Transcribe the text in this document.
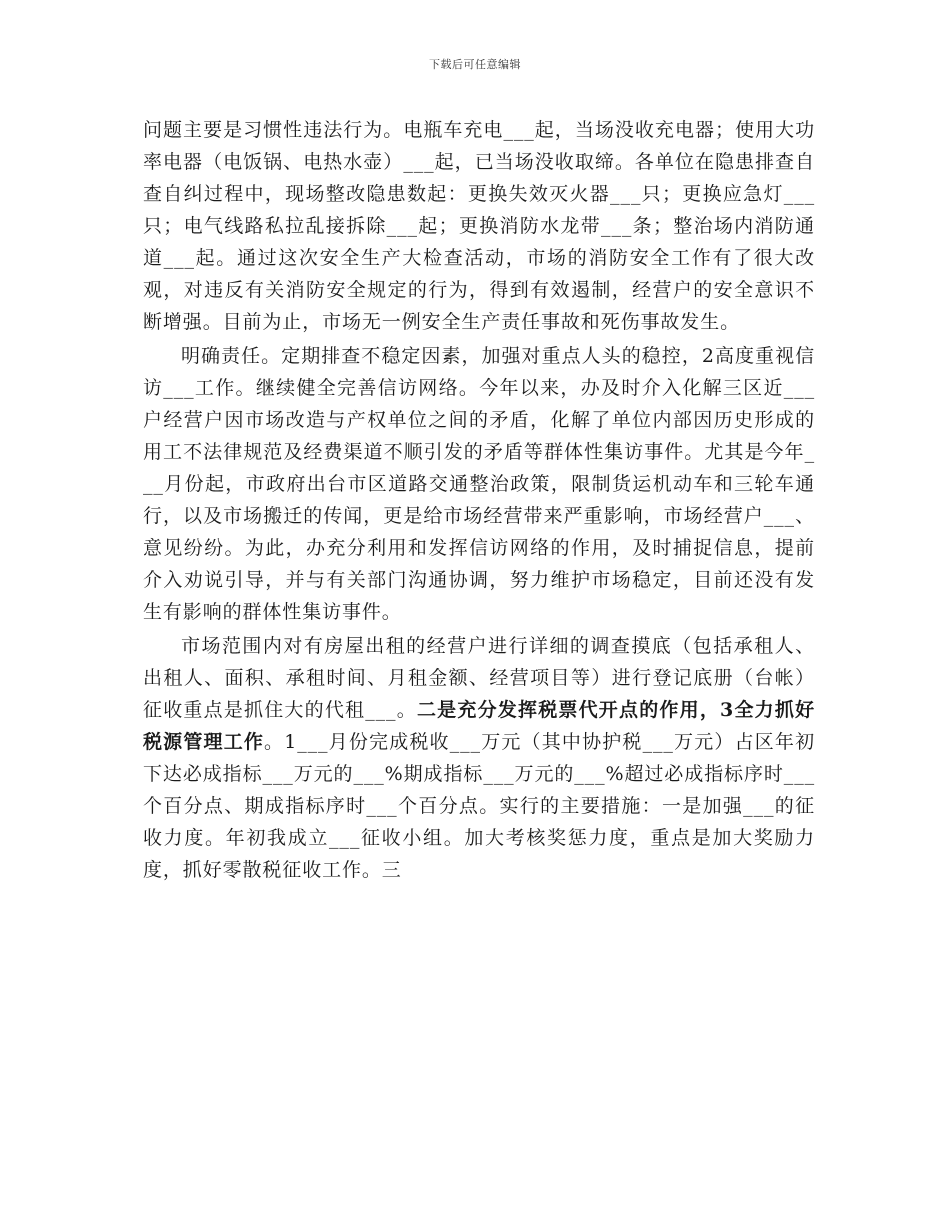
下载后可任意编辑

问题主要是习惯性违法行为。电瓶车充电___起，当场没收充电器；使用大功率电器（电饭锅、电热水壶）___起，已当场没收取缔。各单位在隐患排查自查自纠过程中，现场整改隐患数起：更换失效灭火器___只；更换应急灯___只；电气线路私拉乱接拆除___起；更换消防水龙带___条；整治场内消防通道___起。通过这次安全生产大检查活动，市场的消防安全工作有了很大改观，对违反有关消防安全规定的行为，得到有效遏制，经营户的安全意识不断增强。目前为止，市场无一例安全生产责任事故和死伤事故发生。

明确责任。定期排查不稳定因素，加强对重点人头的稳控，2高度重视信访___工作。继续健全完善信访网络。今年以来，办及时介入化解三区近___户经营户因市场改造与产权单位之间的矛盾，化解了单位内部因历史形成的用工不法律规范及经费渠道不顺引发的矛盾等群体性集访事件。尤其是今年___月份起，市政府出台市区道路交通整治政策，限制货运机动车和三轮车通行，以及市场搬迁的传闻，更是给市场经营带来严重影响，市场经营户___、意见纷纷。为此，办充分利用和发挥信访网络的作用，及时捕捉信息，提前介入劝说引导，并与有关部门沟通协调，努力维护市场稳定，目前还没有发生有影响的群体性集访事件。

市场范围内对有房屋出租的经营户进行详细的调查摸底（包括承租人、出租人、面积、承租时间、月租金额、经营项目等）进行登记底册（台帐）征收重点是抓住大的代租___。二是充分发挥税票代开点的作用，3全力抓好税源管理工作。1___月份完成税收___万元（其中协护税___万元）占区年初下达必成指标___万元的___%期成指标___万元的___%超过必成指标序时___个百分点、期成指标序时___个百分点。实行的主要措施：一是加强___的征收力度。年初我成立___征收小组。加大考核奖惩力度，重点是加大奖励力度，抓好零散税征收工作。三
